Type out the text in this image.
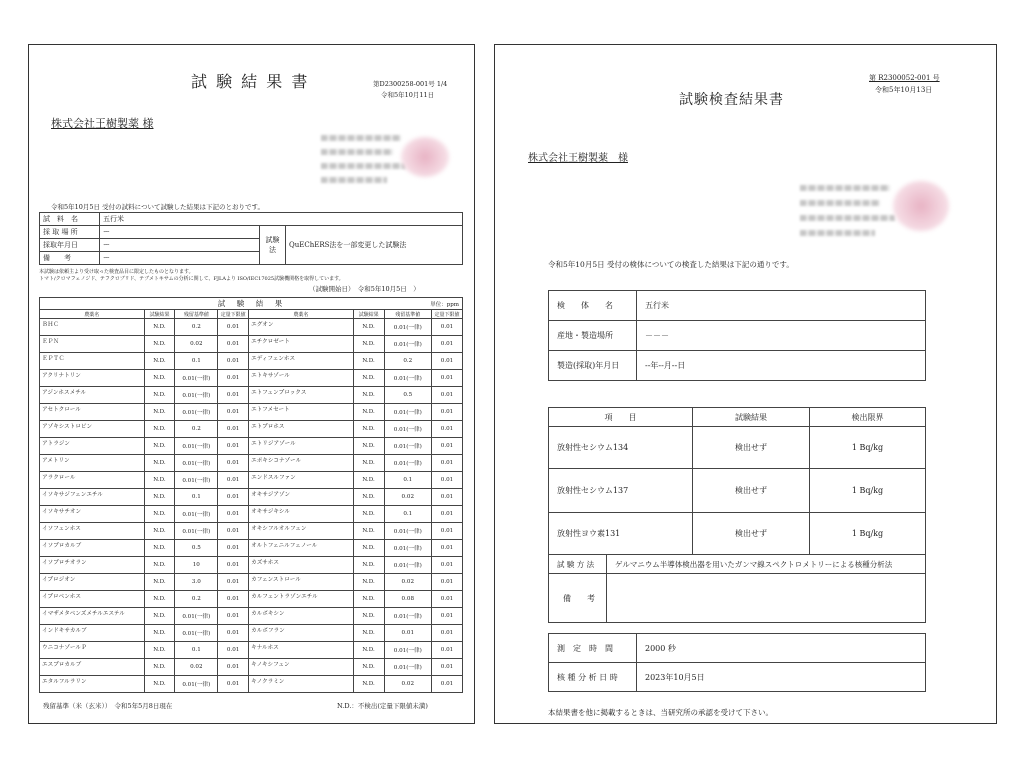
試 験 結 果 書	第D2300258-001号 1/4
令和5年10月11日
株式会社王樹製薬 様
令和5年10月5日 受付の試料について試験した結果は下記のとおりです。
試　料　名	五行米		
採 取 場 所	ー	試験法	QuEChERS法を一部変更した試験法
採取年月日	ー		
備　　考	ー		
本試験は依頼主より受け取った検査品目に限定したものとなります。
トマト/クロマフェノジド、テフクロブリド、テブメトキサムの分析に関して、FJLAより ISO/IEC17025試験機関格を取得しています。
（試験開始日）　令和5年10月5日　）
試　験　結　果 単位：ppm							

農薬名	試験結果	残留基準値	定量下限値	農薬名	試験結果	残留基準値	定量下限値
ＢＨＣ	N.D.	0.2	0.01	エグオン	N.D.	0.01(一律)	0.01
ＥＰＮ	N.D.	0.02	0.01	エチクロゼート	N.D.	0.01(一律)	0.01
ＥＰＴＣ	N.D.	0.1	0.01	エディフェンホス	N.D.	0.2	0.01
アクリナトリン	N.D.	0.01(一律)	0.01	エトキサゾール	N.D.	0.01(一律)	0.01
アジンホスメチル	N.D.	0.01(一律)	0.01	エトフェンプロックス	N.D.	0.5	0.01
アセトクロール	N.D.	0.01(一律)	0.01	エトフメセート	N.D.	0.01(一律)	0.01
アゾキシストロビン	N.D.	0.2	0.01	エトプロホス	N.D.	0.01(一律)	0.01
アトラジン	N.D.	0.01(一律)	0.01	エトリジアゾール	N.D.	0.01(一律)	0.01
アメトリン	N.D.	0.01(一律)	0.01	エポキシコナゾール	N.D.	0.01(一律)	0.01
アラクロール	N.D.	0.01(一律)	0.01	エンドスルファン	N.D.	0.1	0.01
イソキサジフェンエチル	N.D.	0.1	0.01	オキサジアゾン	N.D.	0.02	0.01
イソキサチオン	N.D.	0.01(一律)	0.01	オキサジキシル	N.D.	0.1	0.01
イソフェンホス	N.D.	0.01(一律)	0.01	オキシフルオルフェン	N.D.	0.01(一律)	0.01
イソプロカルブ	N.D.	0.5	0.01	オルトフェニルフェノール	N.D.	0.01(一律)	0.01
イソプロチオラン	N.D.	10	0.01	カズサホス	N.D.	0.01(一律)	0.01
イプロジオン	N.D.	3.0	0.01	カフェンストロール	N.D.	0.02	0.01
イプロベンホス	N.D.	0.2	0.01	カルフェントラゾンエチル	N.D.	0.08	0.01
イマザメタベンズメチルエステル	N.D.	0.01(一律)	0.01	カルボキシン	N.D.	0.01(一律)	0.01
インドキサカルブ	N.D.	0.01(一律)	0.01	カルボフラン	N.D.	0.01	0.01
ウニコナゾールＰ	N.D.	0.1	0.01	キナルホス	N.D.	0.01(一律)	0.01
エスプロカルブ	N.D.	0.02	0.01	キノキシフェン	N.D.	0.01(一律)	0.01
エタルフルラリン	N.D.	0.01(一律)	0.01	キノクラミン	N.D.	0.02	0.01
残留基準（米（玄米））　令和5年5月8日現在	N.D.：不検出(定量下限値未満)
第 R2300052-001 号
令和5年10月13日
試験検査結果書
株式会社王樹製薬　様
令和5年10月5日 受付の検体についての検査した結果は下記の通りです。
検　　体　　名	五行米
産地・製造場所	－－－
製造(採取)年月日	--年--月--日
項　　目	試験結果	検出限界
放射性セシウム134	検出せず	1 Bq/kg
放射性セシウム137	検出せず	1 Bq/kg
放射性ヨウ素131	検出せず	1 Bq/kg

試 験 方 法 ゲルマニウム半導体検出器を用いたガンマ線スペクトロメトリーによる核種分析法		

備　　考		
測　定　時　間	2000 秒
核 種 分 析 日 時	2023年10月5日
本結果書を他に掲載するときは、当研究所の承認を受けて下さい。
